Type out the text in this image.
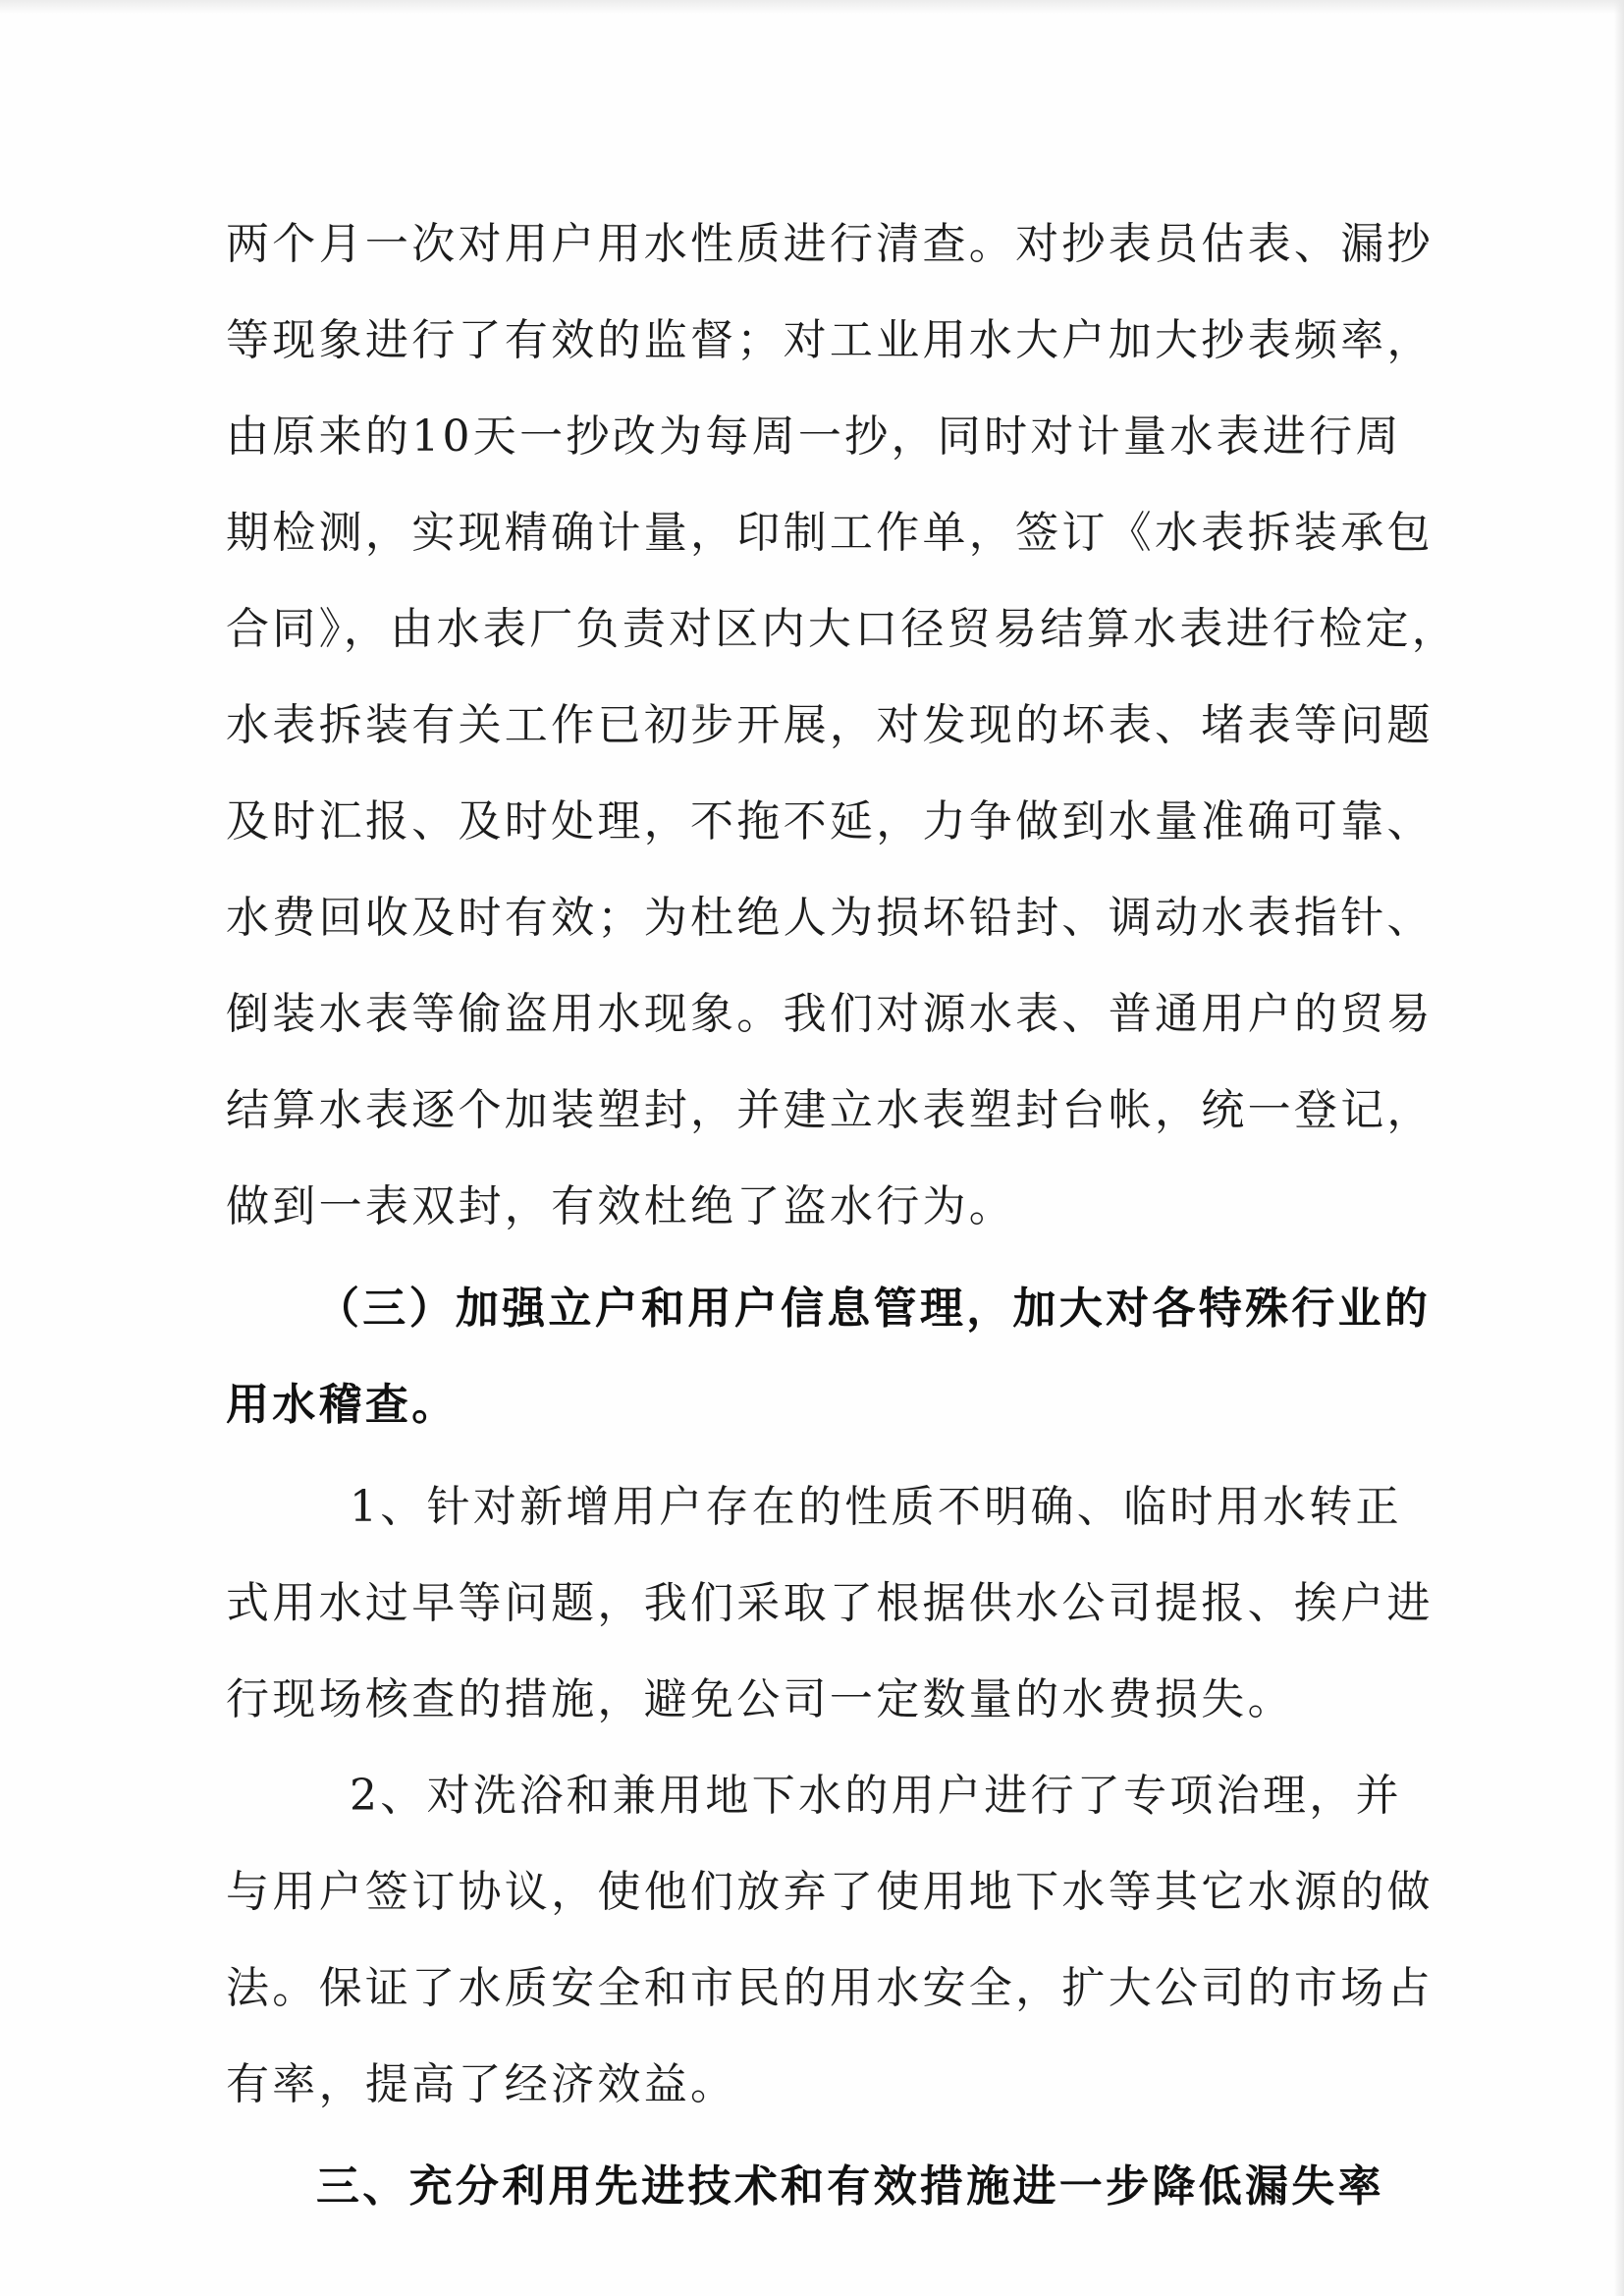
两个月一次对用户用水性质进行清查。对抄表员估表、漏抄
等现象进行了有效的监督；对工业用水大户加大抄表频率，
由原来的10天一抄改为每周一抄，同时对计量水表进行周
期检测，实现精确计量，印制工作单，签订《水表拆装承包
合同》，由水表厂负责对区内大口径贸易结算水表进行检定，
水表拆装有关工作已初步开展，对发现的坏表、堵表等问题
及时汇报、及时处理，不拖不延，力争做到水量准确可靠、
水费回收及时有效；为杜绝人为损坏铅封、调动水表指针、
倒装水表等偷盗用水现象。我们对源水表、普通用户的贸易
结算水表逐个加装塑封，并建立水表塑封台帐，统一登记，
做到一表双封，有效杜绝了盗水行为。
（三）加强立户和用户信息管理，加大对各特殊行业的
用水稽查。
1、针对新增用户存在的性质不明确、临时用水转正
式用水过早等问题，我们采取了根据供水公司提报、挨户进
行现场核查的措施，避免公司一定数量的水费损失。
2、对洗浴和兼用地下水的用户进行了专项治理，并
与用户签订协议，使他们放弃了使用地下水等其它水源的做
法。保证了水质安全和市民的用水安全，扩大公司的市场占
有率，提高了经济效益。
三、充分利用先进技术和有效措施进一步降低漏失率
